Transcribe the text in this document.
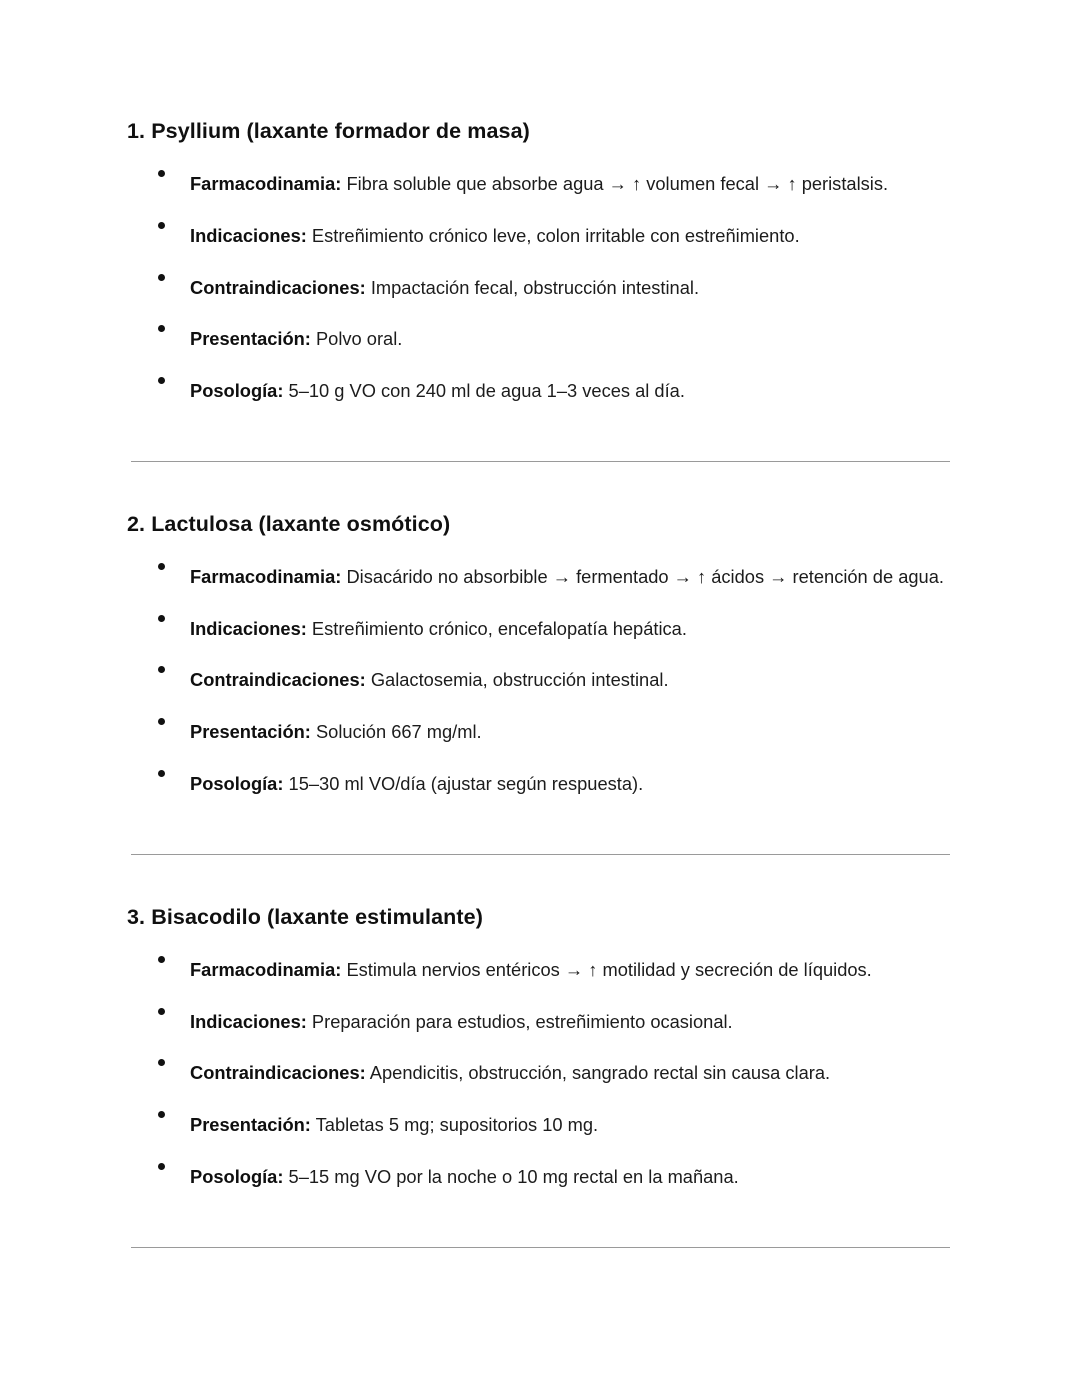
1. Psyllium (laxante formador de masa)
Farmacodinamia: Fibra soluble que absorbe agua → ↑ volumen fecal → ↑ peristalsis.
Indicaciones: Estreñimiento crónico leve, colon irritable con estreñimiento.
Contraindicaciones: Impactación fecal, obstrucción intestinal.
Presentación: Polvo oral.
Posología: 5–10 g VO con 240 ml de agua 1–3 veces al día.
2. Lactulosa (laxante osmótico)
Farmacodinamia: Disacárido no absorbible → fermentado → ↑ ácidos → retención de agua.
Indicaciones: Estreñimiento crónico, encefalopatía hepática.
Contraindicaciones: Galactosemia, obstrucción intestinal.
Presentación: Solución 667 mg/ml.
Posología: 15–30 ml VO/día (ajustar según respuesta).
3. Bisacodilo (laxante estimulante)
Farmacodinamia: Estimula nervios entéricos → ↑ motilidad y secreción de líquidos.
Indicaciones: Preparación para estudios, estreñimiento ocasional.
Contraindicaciones: Apendicitis, obstrucción, sangrado rectal sin causa clara.
Presentación: Tabletas 5 mg; supositorios 10 mg.
Posología: 5–15 mg VO por la noche o 10 mg rectal en la mañana.
